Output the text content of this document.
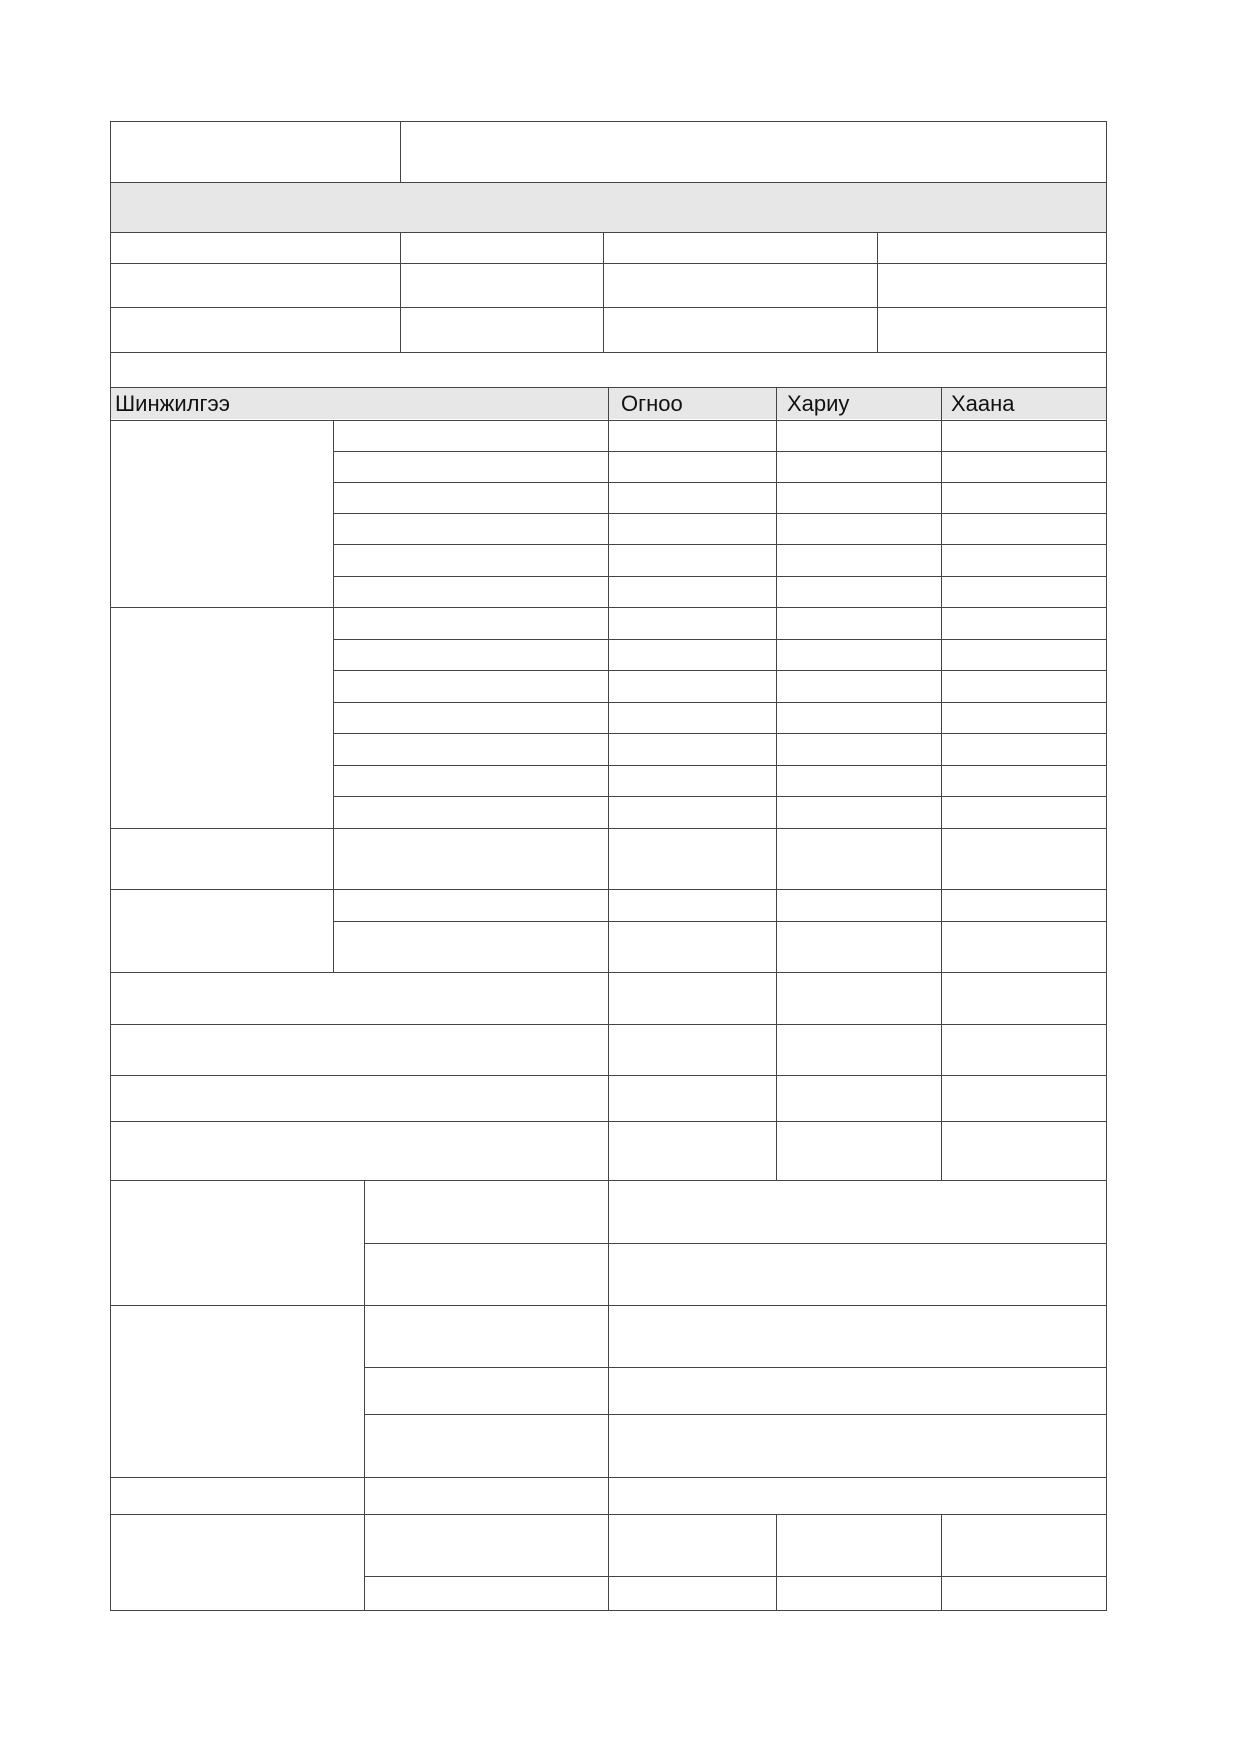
Шинжилгээ	Огноо	Хариу	Хаана
